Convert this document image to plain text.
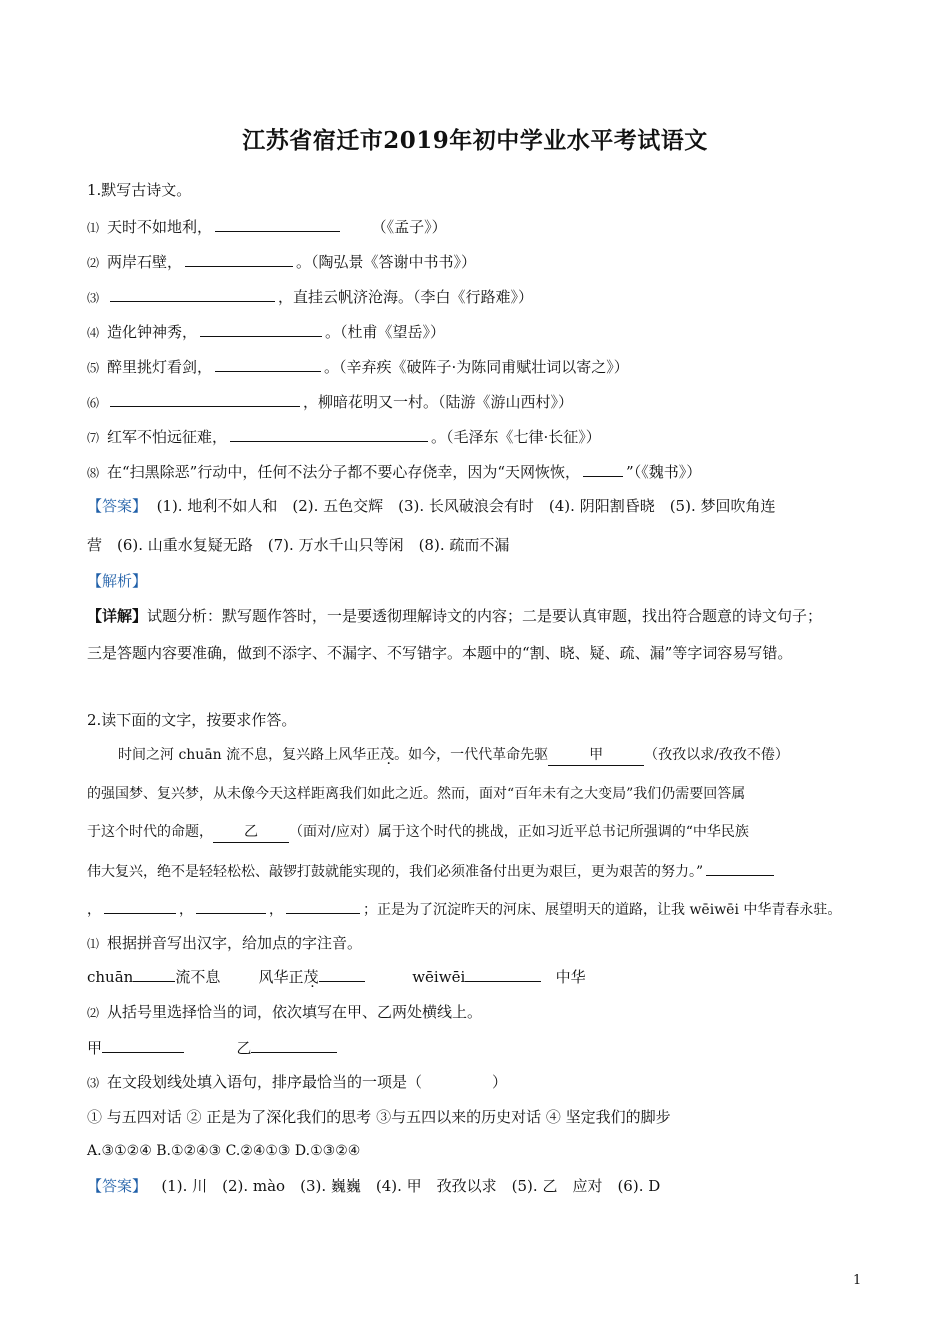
江苏省宿迁市2019年初中学业水平考试语文
1.默写古诗文。
⑴ 天时不如地利，	（《孟子》）
⑵ 两岸石壁，	。（陶弘景《答谢中书书》）
⑶	，直挂云帆济沧海。（李白《行路难》）
⑷ 造化钟神秀，	。（杜甫《望岳》）
⑸ 醉里挑灯看剑，	。（辛弃疾《破阵子·为陈同甫赋壮词以寄之》）
⑹	，柳暗花明又一村。（陆游《游山西村》）
⑺ 红军不怕远征难，	。（毛泽东《七律·长征》）
⑻ 在“扫黑除恶”行动中，任何不法分子都不要心存侥幸，因为“天网恢恢，	”（《魏书》）
【答案】 (1). 地利不如人和　(2). 五色交辉　(3). 长风破浪会有时　(4). 阴阳割昏晓　(5). 梦回吹角连
营　(6). 山重水复疑无路　(7). 万水千山只等闲　(8). 疏而不漏
【解析】
【详解】试题分析：默写题作答时，一是要透彻理解诗文的内容；二是要认真审题，找出符合题意的诗文句子；
三是答题内容要准确，做到不添字、不漏字、不写错字。本题中的“割、晓、疑、疏、漏”等字词容易写错。
2.读下面的文字，按要求作答。
时间之河 chuān 流不息，复兴路上风华正茂。如今，一代代革命先驱	甲	（孜孜以求/孜孜不倦）
的强国梦、复兴梦，从未像今天这样距离我们如此之近。然而，面对“百年未有之大变局”我们仍需要回答属
于这个时代的命题， 乙 （面对/应对）属于这个时代的挑战，正如习近平总书记所强调的“中华民族
伟大复兴，绝不是轻轻松松、敲锣打鼓就能实现的，我们必须准备付出更为艰巨，更为艰苦的努力。”
，	，	，	；正是为了沉淀昨天的河床、展望明天的道路，让我 wēiwēi 中华青春永驻。
⑴ 根据拼音写出汉字，给加点的字注音。
chuān	流不息	风华正茂	wēiwēi	中华
⑵ 从括号里选择恰当的词，依次填写在甲、乙两处横线上。
甲	乙
⑶ 在文段划线处填入语句，排序最恰当的一项是（	）
① 与五四对话 ② 正是为了深化我们的思考 ③与五四以来的历史对话 ④ 坚定我们的脚步
A.③①②④ B.①②④③ C.②④①③ D.①③②④
【答案】 (1). 川　(2). mào　(3). 巍巍　(4). 甲　孜孜以求　(5). 乙　应对　(6). D
1
